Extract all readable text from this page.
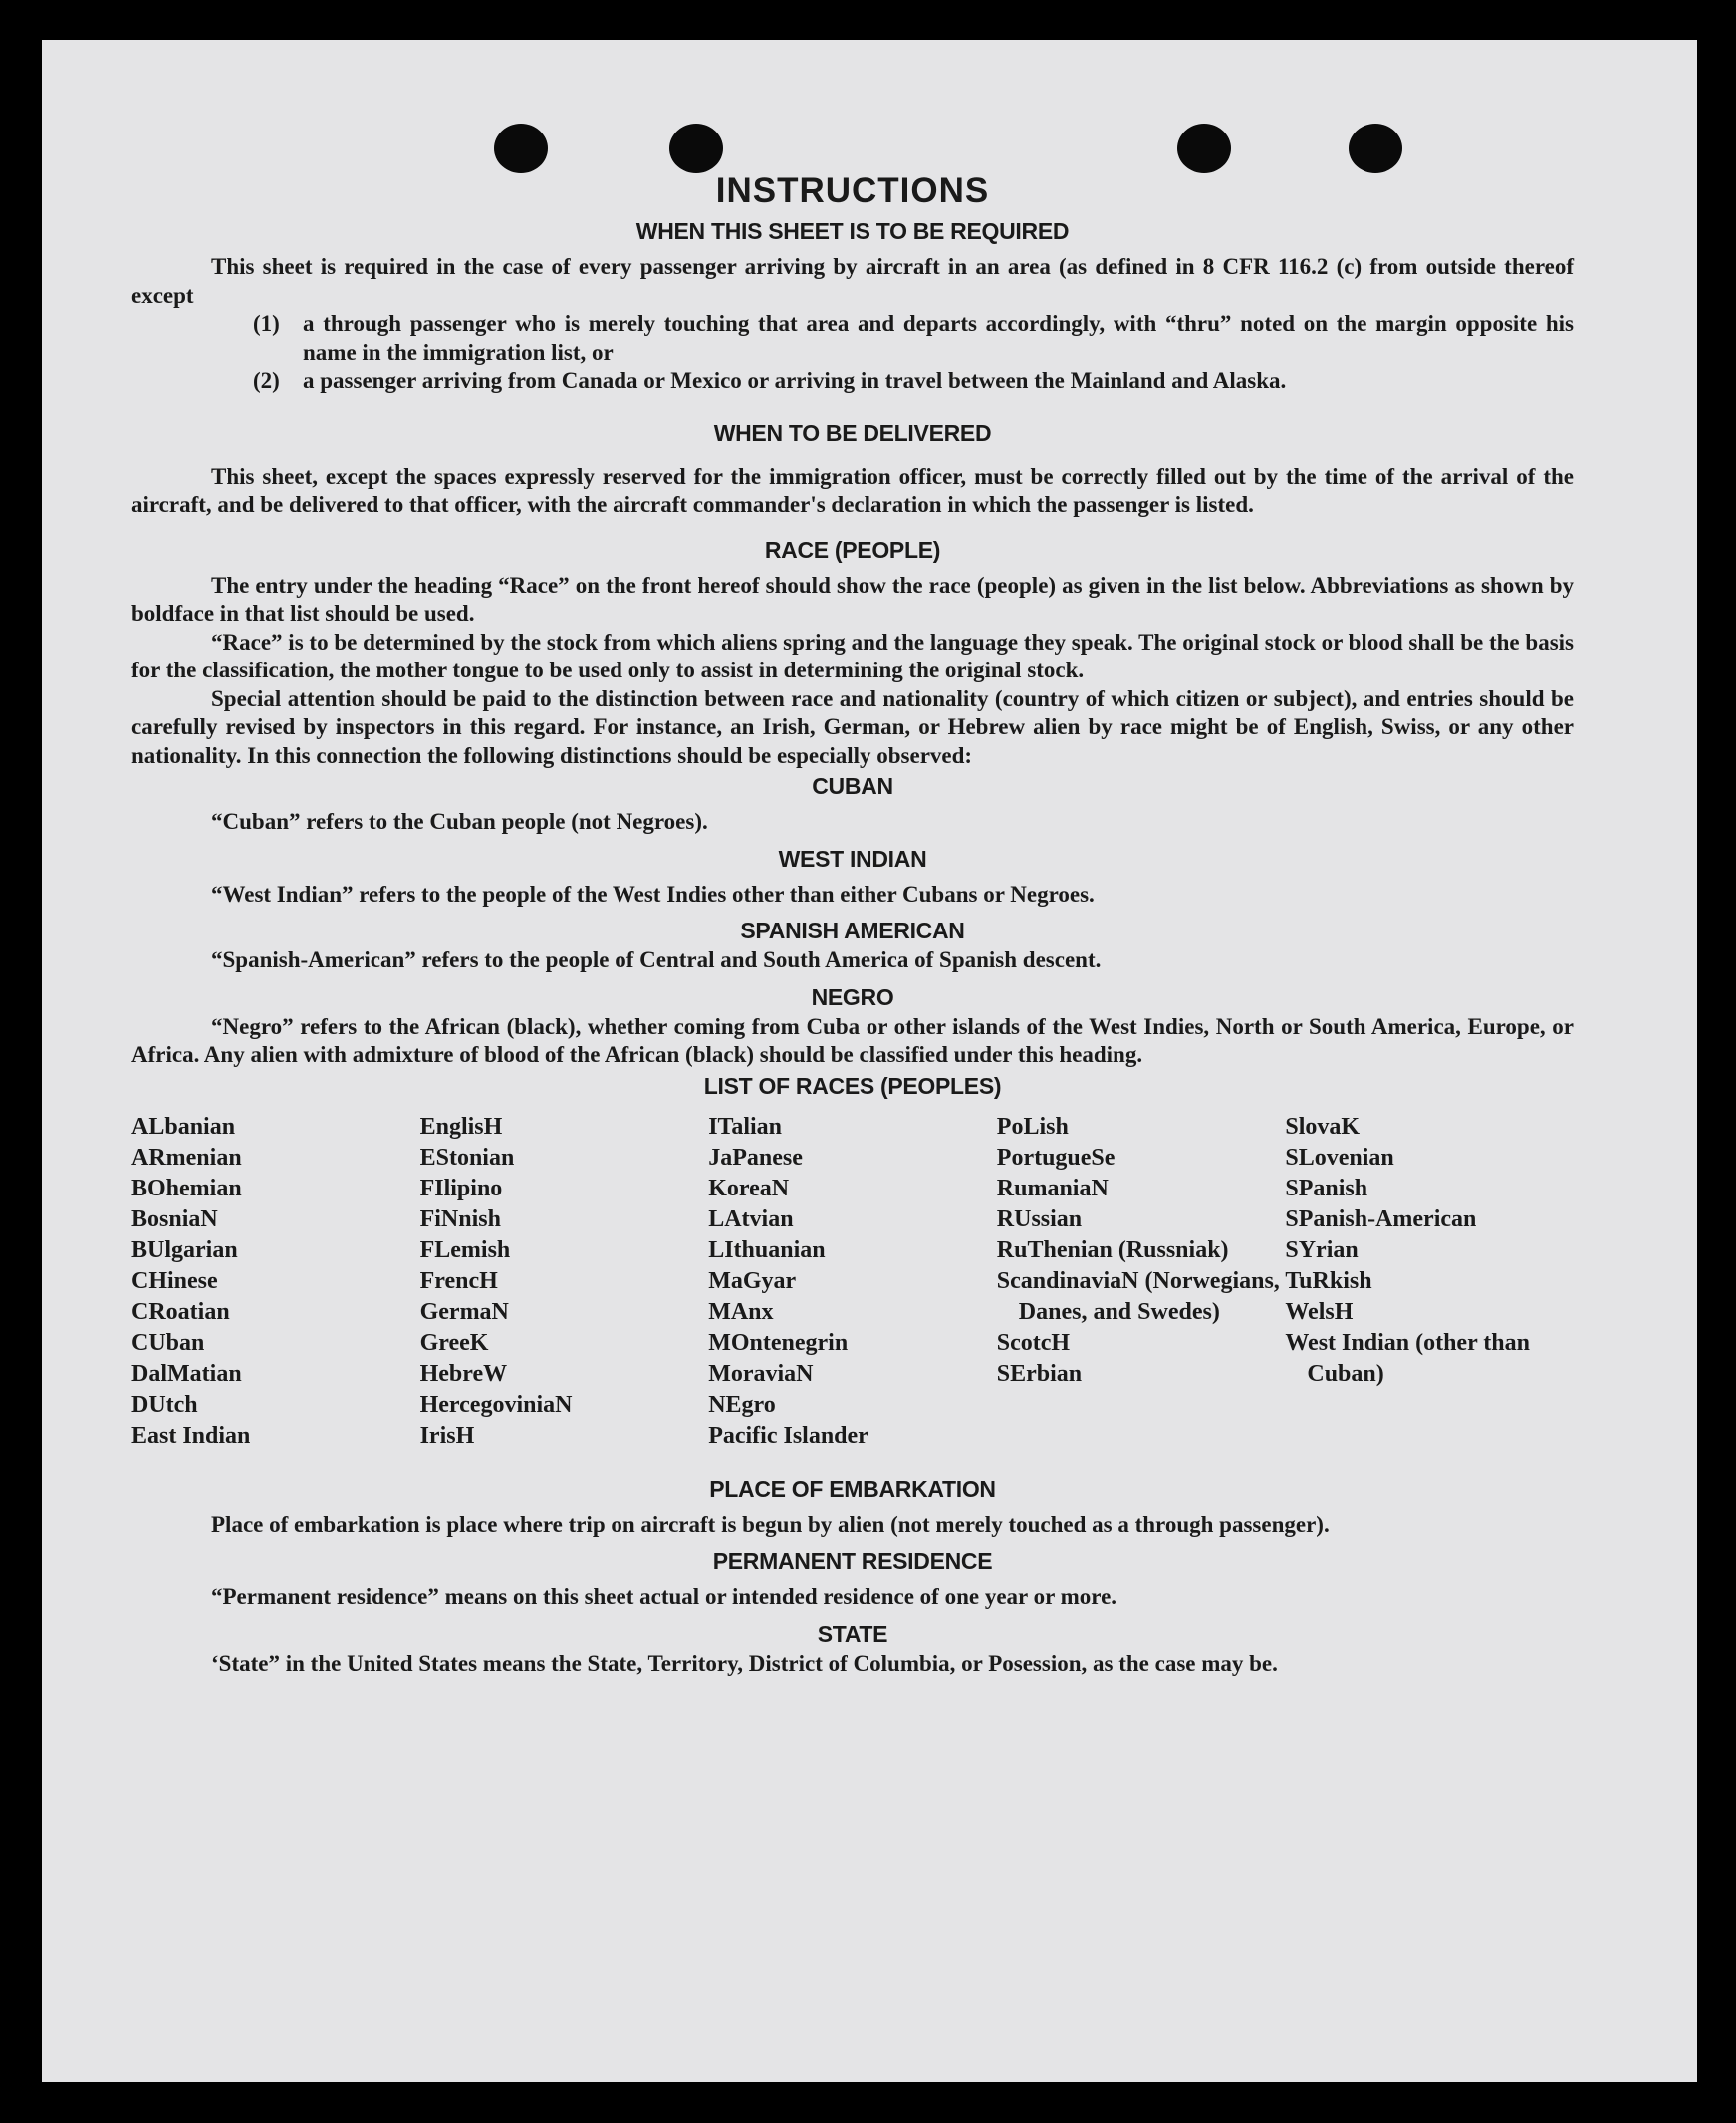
INSTRUCTIONS
WHEN THIS SHEET IS TO BE REQUIRED

This sheet is required in the case of every passenger arriving by aircraft in an area (as defined in 8 CFR 116.2 (c) from outside thereof except

(1)	a through passenger who is merely touching that area and departs accordingly, with “thru” noted on the margin opposite his name in the immigration list, or
(2)	a passenger arriving from Canada or Mexico or arriving in travel between the Mainland and Alaska.
WHEN TO BE DELIVERED

This sheet, except the spaces expressly reserved for the immigration officer, must be correctly filled out by the time of the arrival of the aircraft, and be delivered to that officer, with the aircraft commander's declaration in which the passenger is listed.

RACE (PEOPLE)

The entry under the heading “Race” on the front hereof should show the race (people) as given in the list below. Abbreviations as shown by boldface in that list should be used.

“Race” is to be determined by the stock from which aliens spring and the language they speak. The original stock or blood shall be the basis for the classification, the mother tongue to be used only to assist in determining the original stock.

Special attention should be paid to the distinction between race and nationality (country of which citizen or subject), and entries should be carefully revised by inspectors in this regard. For instance, an Irish, German, or Hebrew alien by race might be of English, Swiss, or any other nationality. In this connection the following distinctions should be especially observed:

CUBAN

“Cuban” refers to the Cuban people (not Negroes).

WEST INDIAN

“West Indian” refers to the people of the West Indies other than either Cubans or Negroes.

SPANISH AMERICAN

“Spanish-American” refers to the people of Central and South America of Spanish descent.

NEGRO

“Negro” refers to the African (black), whether coming from Cuba or other islands of the West Indies, North or South America, Europe, or Africa. Any alien with admixture of blood of the African (black) should be classified under this heading.

LIST OF RACES (PEOPLES)
ALbanian
ARmenian
BOhemian
BosniaN
BUlgarian
CHinese
CRoatian
CUban
DalMatian
DUtch
East Indian
EnglisH
EStonian
FIlipino
FiNnish
FLemish
FrencH
GermaN
GreeK
HebreW
HercegoviniaN
IrisH
ITalian
JaPanese
KoreaN
LAtvian
LIthuanian
MaGyar
MAnx
MOntenegrin
MoraviaN
NEgro
Pacific Islander
PoLish
PortugueSe
RumaniaN
RUssian
RuThenian (Russniak)
ScandinaviaN (Norwegians, Danes, and Swedes)
ScotcH
SErbian
SlovaK
SLovenian
SPanish
SPanish-American
SYrian
TuRkish
WelsH
West Indian (other than Cuban)
PLACE OF EMBARKATION

Place of embarkation is place where trip on aircraft is begun by alien (not merely touched as a through passenger).

PERMANENT RESIDENCE

“Permanent residence” means on this sheet actual or intended residence of one year or more.

STATE

‘State” in the United States means the State, Territory, District of Columbia, or Posession, as the case may be.
